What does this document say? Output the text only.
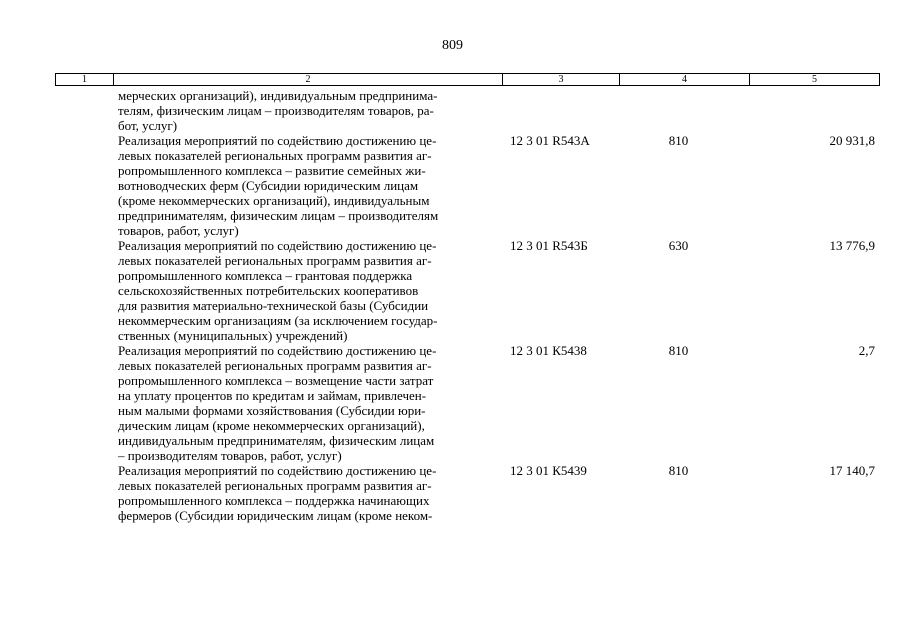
809
1	2	3	4	5
мерческих организаций), индивидуальным предпринима-
телям, физическим лицам – производителям товаров, ра-
бот, услуг)
Реализация мероприятий по содействию достижению це-
левых показателей региональных программ развития аг-
ропромышленного комплекса – развитие семейных жи-
вотноводческих ферм (Субсидии юридическим лицам
(кроме некоммерческих организаций), индивидуальным
предпринимателям, физическим лицам – производителям
товаров, работ, услуг)
12 3 01 R543А	810	20 931,8
Реализация мероприятий по содействию достижению це-
левых показателей региональных программ развития аг-
ропромышленного комплекса – грантовая поддержка
сельскохозяйственных потребительских кооперативов
для развития материально-технической базы (Субсидии
некоммерческим организациям (за исключением государ-
ственных (муниципальных) учреждений)
12 3 01 R543Б	630	13 776,9
Реализация мероприятий по содействию достижению це-
левых показателей региональных программ развития аг-
ропромышленного комплекса – возмещение части затрат
на уплату процентов по кредитам и займам, привлечен-
ным малыми формами хозяйствования (Субсидии юри-
дическим лицам (кроме некоммерческих организаций),
индивидуальным предпринимателям, физическим лицам
– производителям товаров, работ, услуг)
12 3 01 К5438	810	2,7
Реализация мероприятий по содействию достижению це-
левых показателей региональных программ развития аг-
ропромышленного комплекса – поддержка начинающих
фермеров (Субсидии юридическим лицам (кроме неком-
12 3 01 К5439	810	17 140,7
